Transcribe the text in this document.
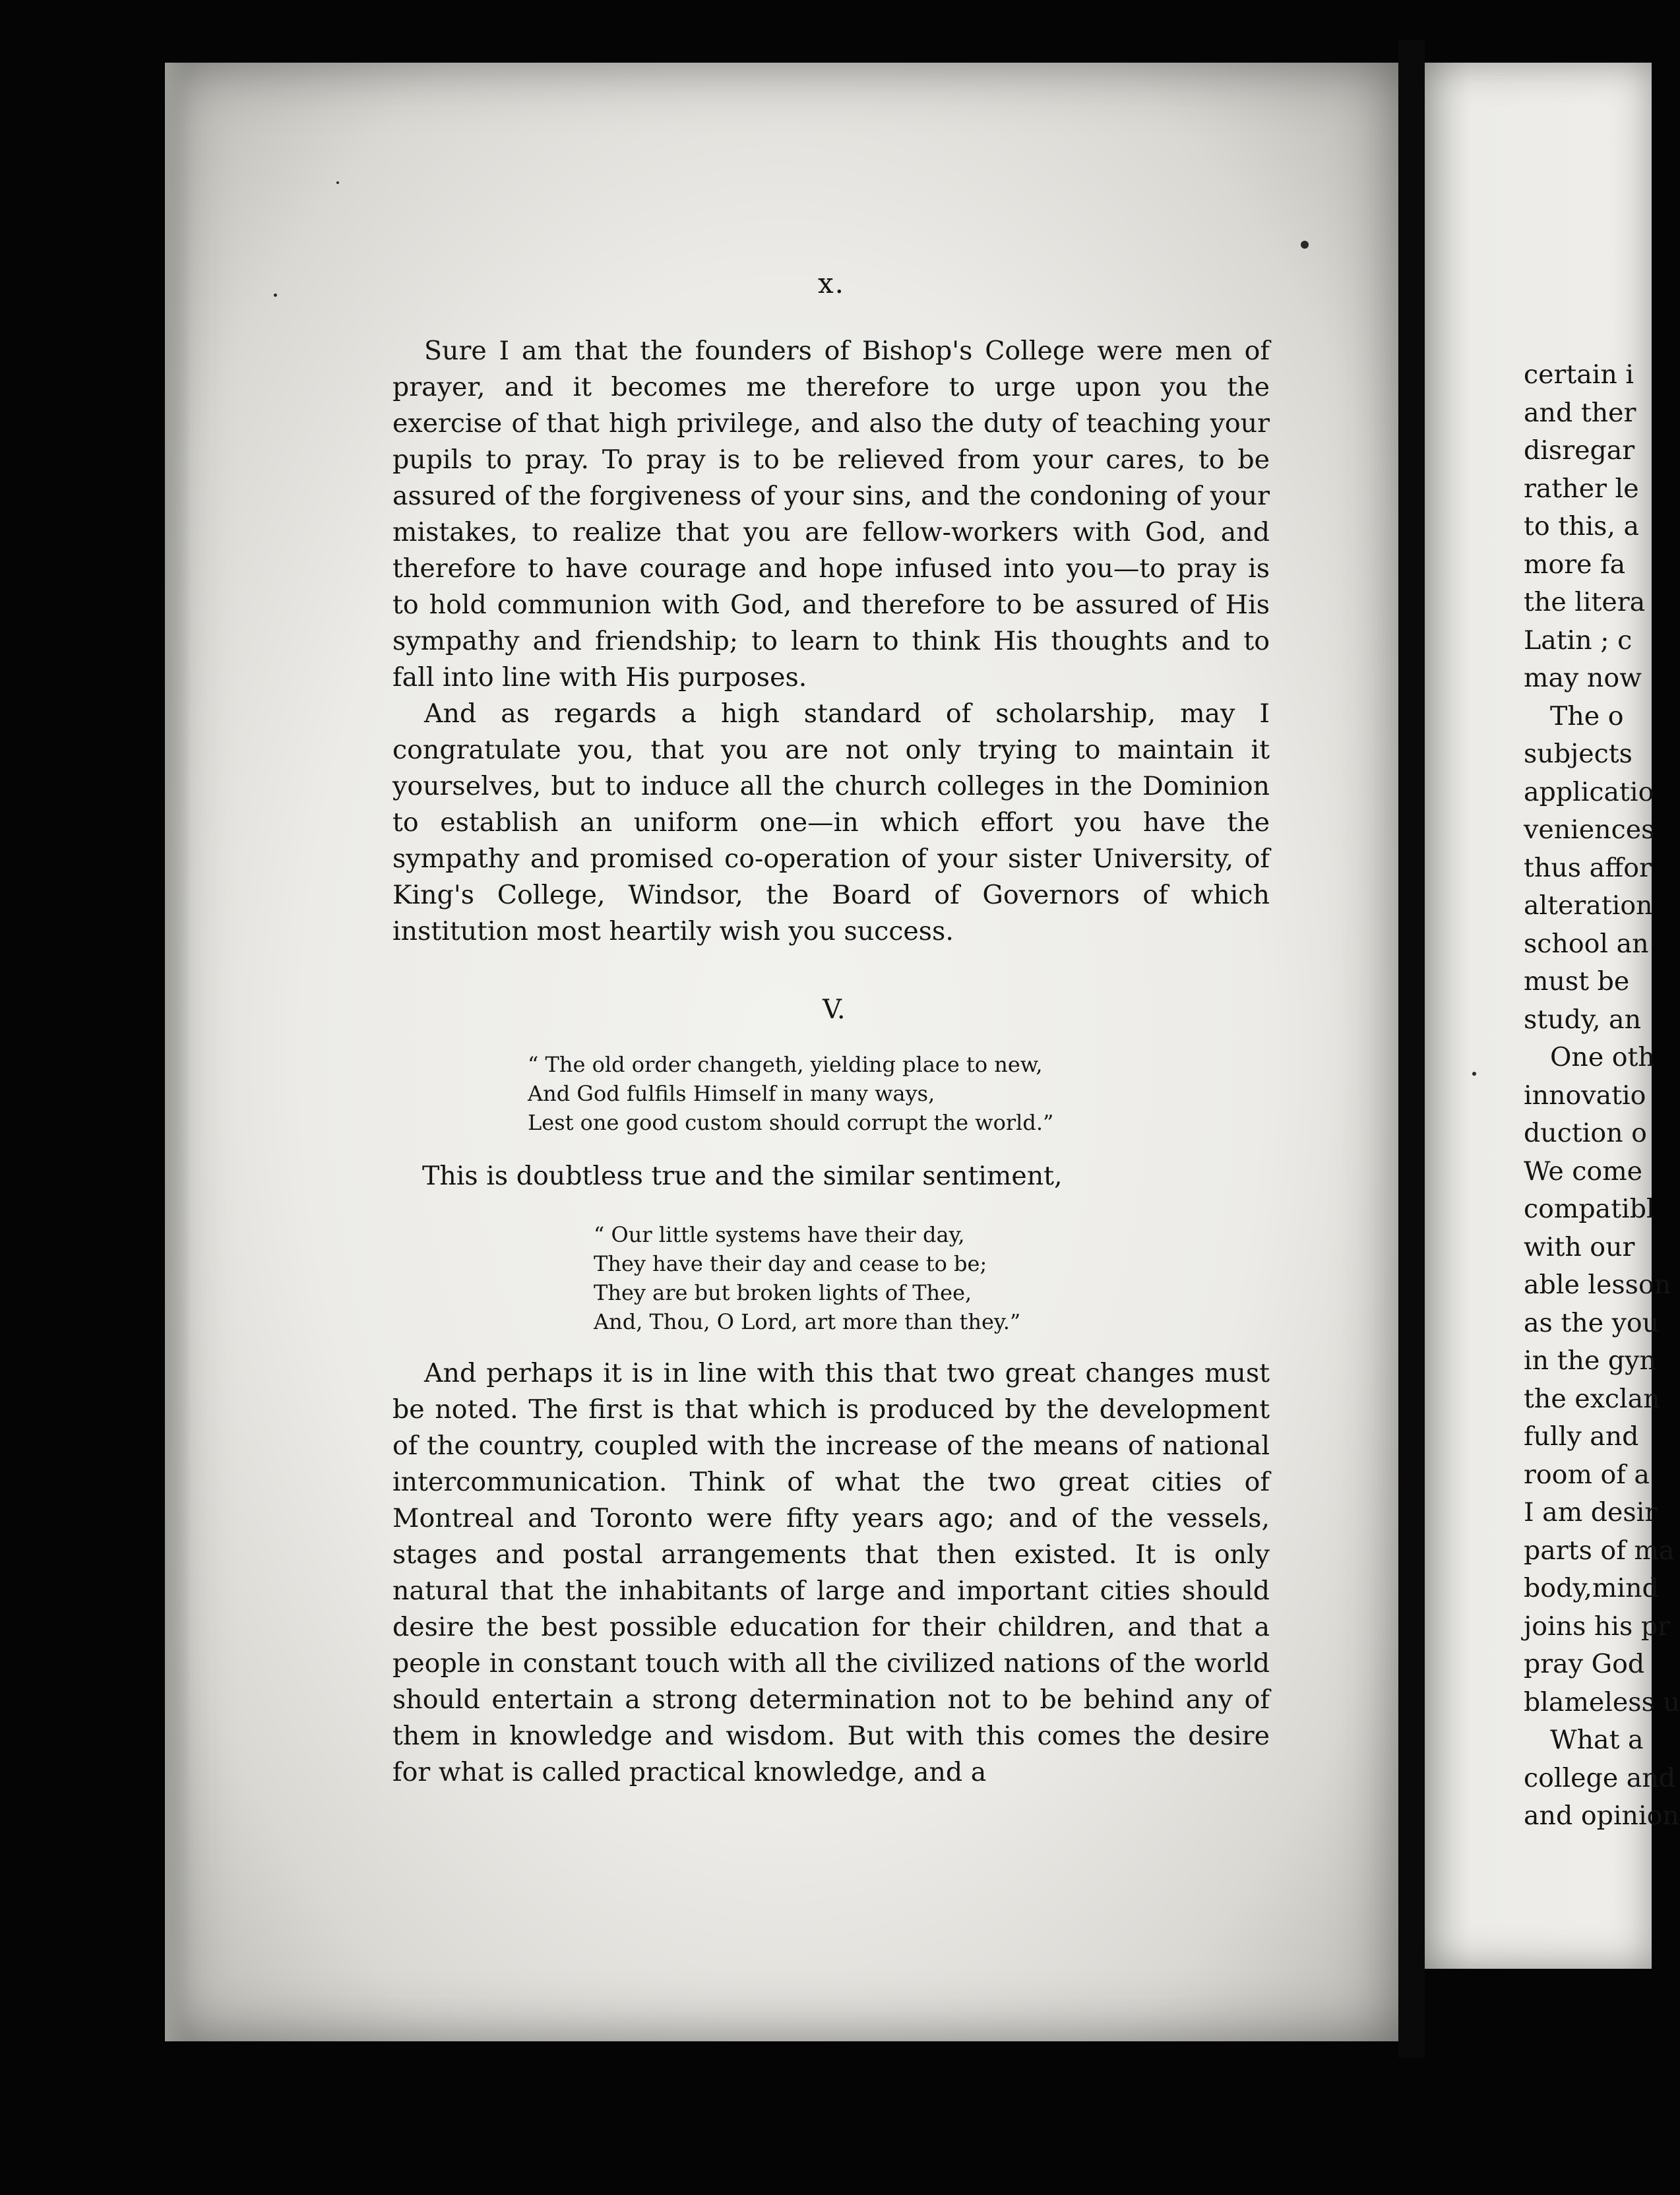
x.

Sure I am that the founders of Bishop's College were men of prayer, and it becomes me therefore to urge upon you the exercise of that high privilege, and also the duty of teaching your pupils to pray. To pray is to be relieved from your cares, to be assured of the forgiveness of your sins, and the condoning of your mistakes, to realize that you are fellow-workers with God, and therefore to have courage and hope infused into you—to pray is to hold communion with God, and therefore to be assured of His sympathy and friendship; to learn to think His thoughts and to fall into line with His purposes.

And as regards a high standard of scholarship, may I congratulate you, that you are not only trying to maintain it yourselves, but to induce all the church colleges in the Dominion to establish an uniform one—in which effort you have the sympathy and promised co-operation of your sister University, of King's College, Windsor, the Board of Governors of which institution most heartily wish you success.

V.
“ The old order changeth, yielding place to new,
And God fulfils Himself in many ways,
Lest one good custom should corrupt the world.”
This is doubtless true and the similar sentiment,
“ Our little systems have their day,
They have their day and cease to be;
They are but broken lights of Thee,
And, Thou, O Lord, art more than they.”

And perhaps it is in line with this that two great changes must be noted. The first is that which is produced by the development of the country, coupled with the increase of the means of national intercommunication. Think of what the two great cities of Montreal and Toronto were fifty years ago; and of the vessels, stages and postal arrangements that then existed. It is only natural that the inhabitants of large and important cities should desire the best possible education for their children, and that a people in constant touch with all the civilized nations of the world should entertain a strong determination not to be behind any of them in knowledge and wisdom. But with this comes the desire for what is called practical knowledge, and a

certain i
and ther
disregar
rather le
to this, a
more fa
the litera
Latin ; c
may now
The o
subjects
applicatio
veniences
thus affor
alteration
school an
must be
study, an
One oth
innovatio
duction o
We come
compatibl
with our
able lesson
as the you
in the gyn
the exclan
fully and
room of a
I am desir
parts of ma
body,mind
joins his pr
pray God
blameless u
What a
college and
and opinion
